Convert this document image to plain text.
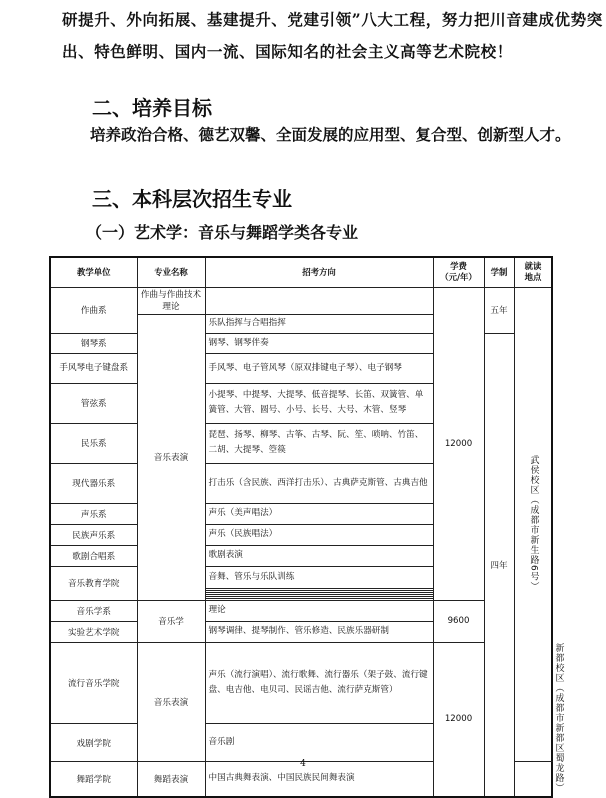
研提升、外向拓展、基建提升、党建引领”八大工程，努力把川音建成优势突
出、特色鲜明、国内一流、国际知名的社会主义高等艺术院校！
二、培养目标
培养政治合格、德艺双馨、全面发展的应用型、复合型、创新型人才。
三、本科层次招生专业
（一）艺术学：音乐与舞蹈学类各专业
教学单位	专业名称	招考方向	学费
（元/年）	学制	就读
地点	
作曲系	作曲与作曲技术理论		12000	五年	武侯校区（成都市新生路6号）	
	音乐表演	乐队指挥与合唱指挥				
钢琴系		钢琴、钢琴伴奏		四年		
手风琴电子键盘系		手风琴、电子管风琴（原双排键电子琴）、电子钢琴				
管弦系		小提琴、中提琴、大提琴、低音提琴、长笛、双簧管、单簧管、大管、圆号、小号、长号、大号、木管、竖琴				
民乐系		琵琶、扬琴、柳琴、古筝、古琴、阮、笙、唢呐、竹笛、二胡、大提琴、箜篌				
现代器乐系		打击乐（含民族、西洋打击乐）、古典萨克斯管、古典吉他				
声乐系		声乐（美声唱法）				
民族声乐系		声乐（民族唱法）				
歌剧合唱系		歌剧表演				
音乐教育学院		音舞、管乐与乐队训练				

音乐学系	音乐学	理论	9600			
实验艺术学院		钢琴调律、提琴制作、管乐修造、民族乐器研制				
流行音乐学院	音乐表演	声乐（流行演唱）、流行歌舞、流行器乐（架子鼓、流行键盘、电吉他、电贝司、民谣吉他、流行萨克斯管）	12000			新都校区（成都市新都区蜀龙路）
戏剧学院		音乐剧				
舞蹈学院	舞蹈表演	中国古典舞表演、中国民族民间舞表演				
4
